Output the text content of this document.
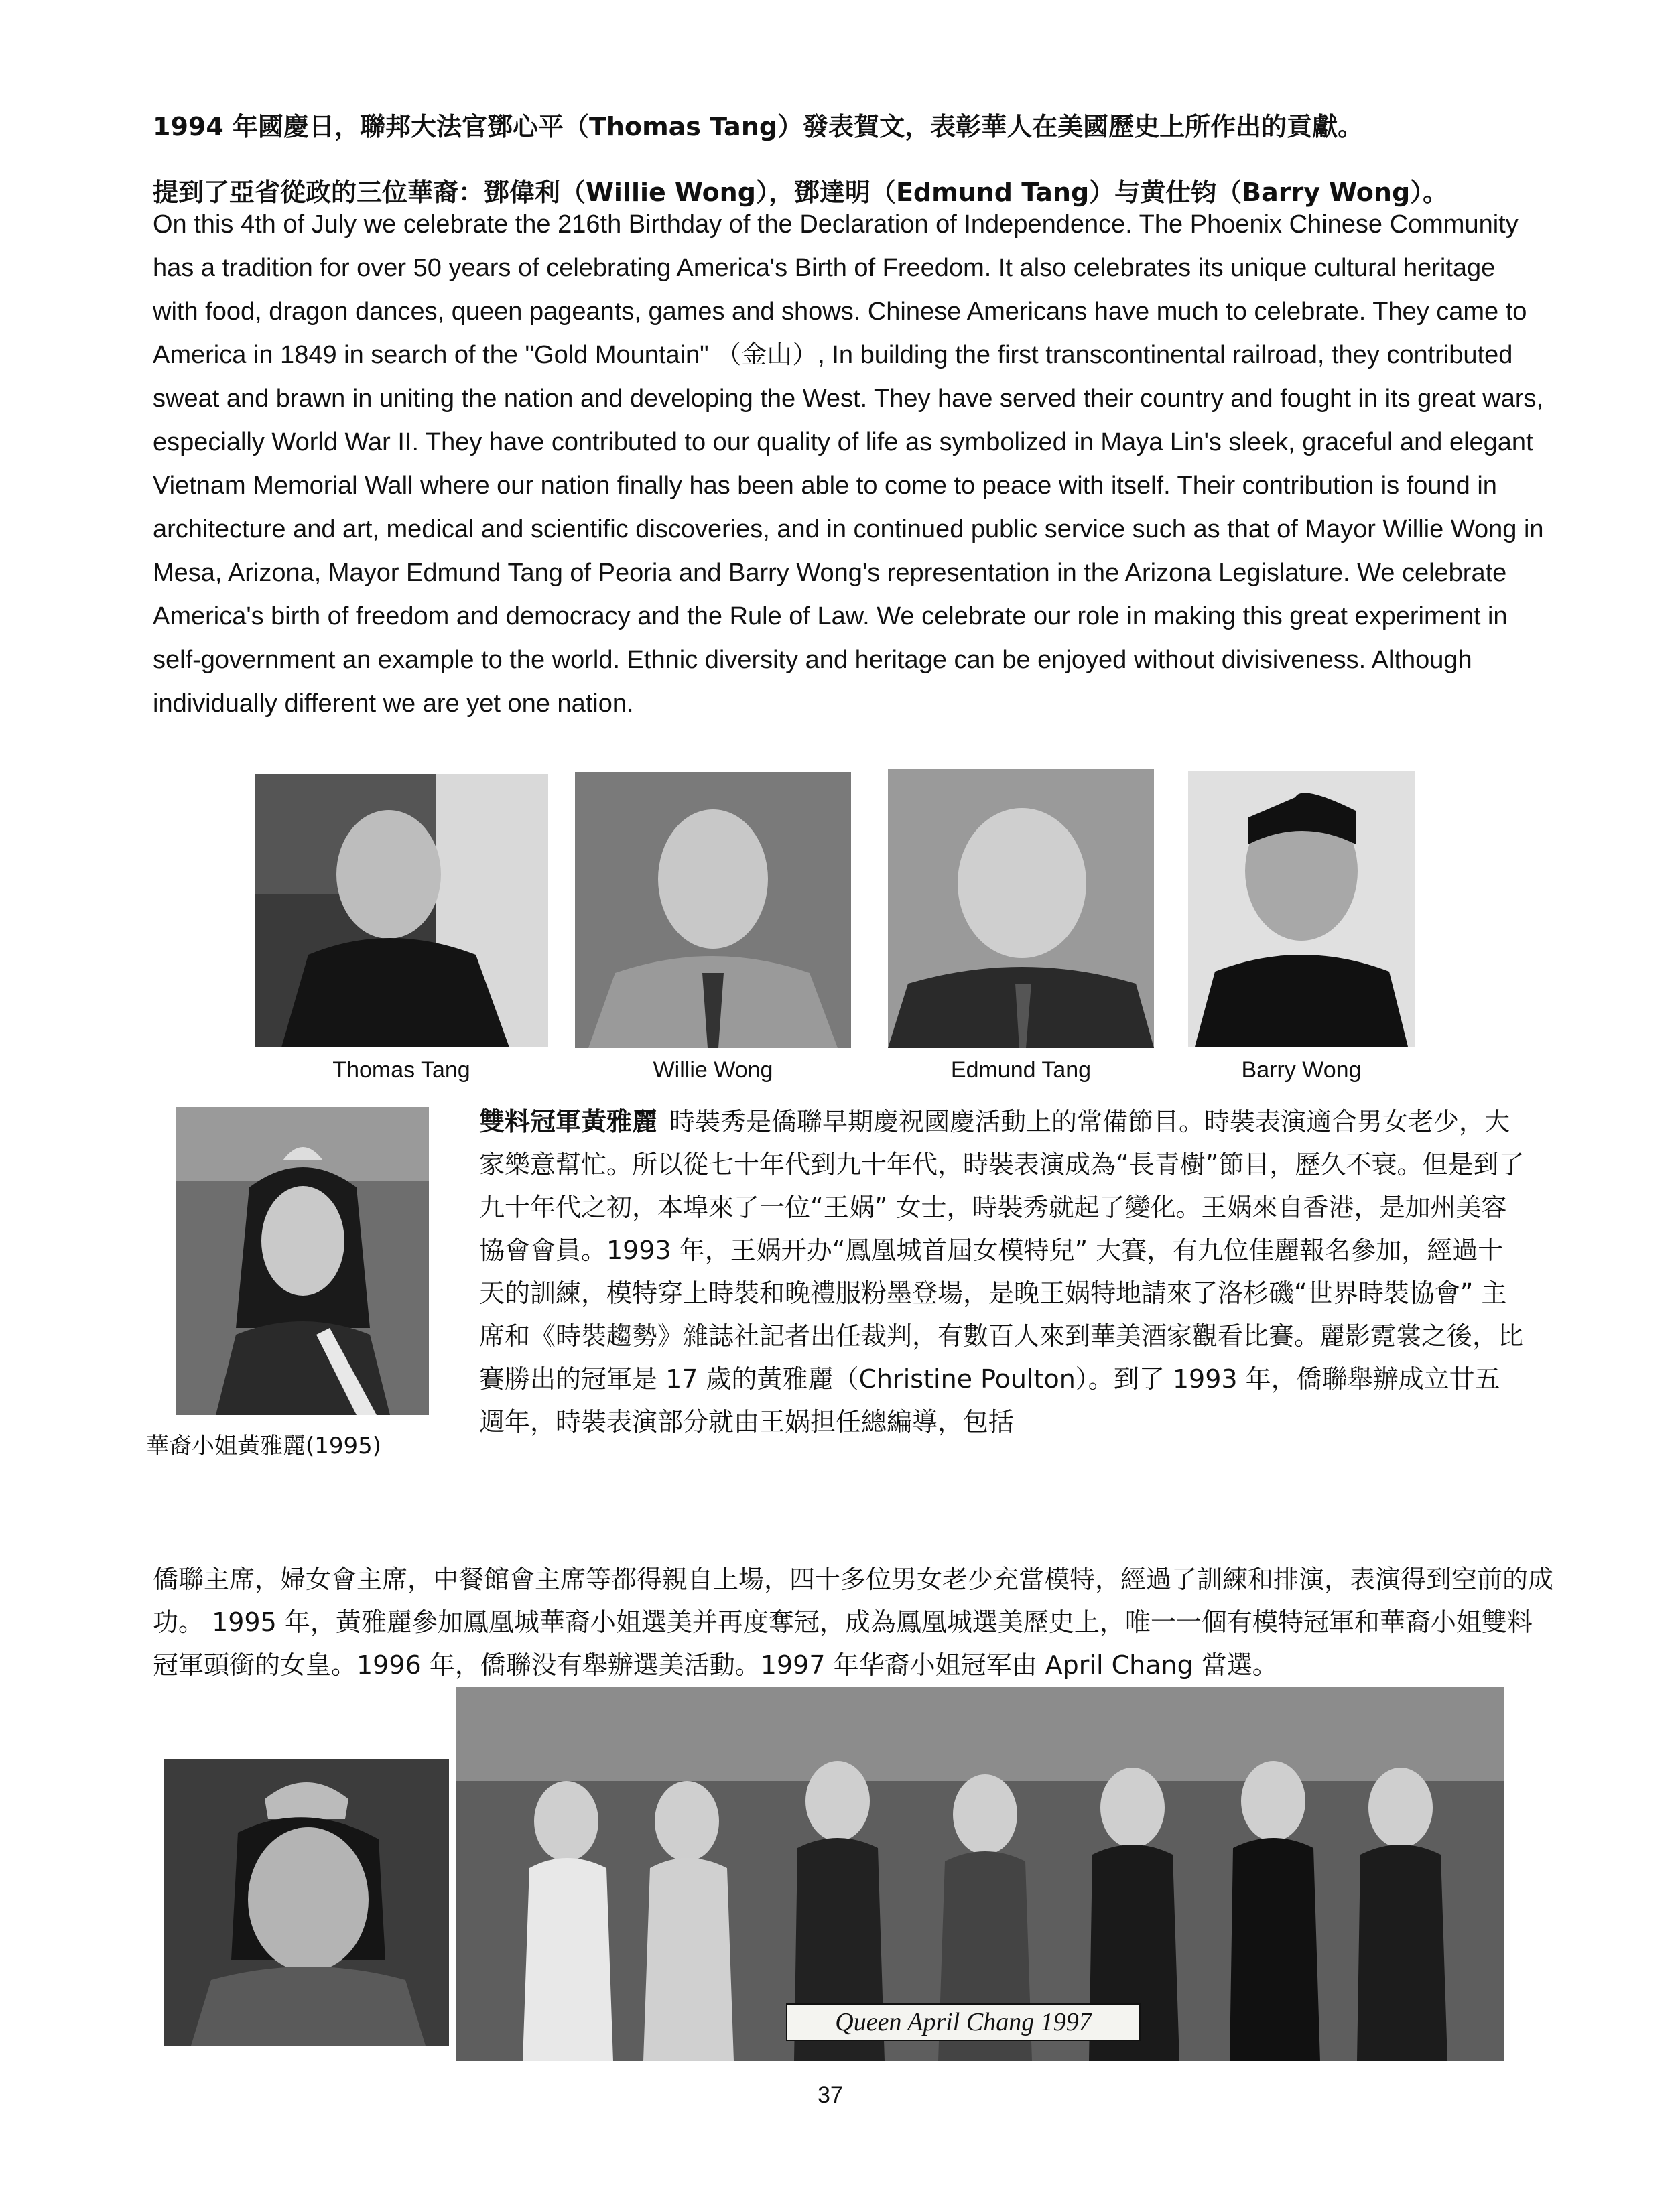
1994 年國慶日，聯邦大法官鄧心平（Thomas Tang）發表賀文，表彰華人在美國歷史上所作出的貢獻。
提到了亞省從政的三位華裔：鄧偉利（Willie Wong），鄧達明（Edmund Tang）与黄仕钧（Barry Wong）。
On this 4th of July we celebrate the 216th Birthday of the Declaration of Independence. The Phoenix Chinese Community has a tradition for over 50 years of celebrating America's Birth of Freedom. It also celebrates its unique cultural heritage with food, dragon dances, queen pageants, games and shows. Chinese Americans have much to celebrate. They came to America in 1849 in search of the "Gold Mountain" （金山）, In building the first transcontinental railroad, they contributed sweat and brawn in uniting the nation and developing the West. They have served their country and fought in its great wars, especially World War II. They have contributed to our quality of life as symbolized in Maya Lin's sleek, graceful and elegant Vietnam Memorial Wall where our nation finally has been able to come to peace with itself. Their contribution is found in architecture and art, medical and scientific discoveries, and in continued public service such as that of Mayor Willie Wong in Mesa, Arizona, Mayor Edmund Tang of Peoria and Barry Wong's representation in the Arizona Legislature. We celebrate America's birth of freedom and democracy and the Rule of Law. We celebrate our role in making this great experiment in self-government an example to the world. Ethnic diversity and heritage can be enjoyed without divisiveness. Although individually different we are yet one nation.
Thomas Tang	Willie Wong	Edmund Tang	Barry Wong
華裔小姐黃雅麗(1995)
雙料冠軍黃雅麗 時裝秀是僑聯早期慶祝國慶活動上的常備節目。時裝表演適合男女老少，大家樂意幫忙。所以從七十年代到九十年代，時裝表演成為“長青樹”節目，歷久不衰。但是到了九十年代之初，本埠來了一位“王娲” 女士，時裝秀就起了變化。王娲來自香港，是加州美容協會會員。1993 年，王娲开办“鳳凰城首屆女模特兒” 大賽，有九位佳麗報名參加，經過十天的訓練，模特穿上時裝和晚禮服粉墨登場，是晚王娲特地請來了洛杉磯“世界時裝協會” 主席和《時裝趨勢》雜誌社記者出任裁判，有數百人來到華美酒家觀看比賽。麗影霓裳之後，比賽勝出的冠軍是 17 歲的黃雅麗（Christine Poulton）。到了 1993 年，僑聯舉辦成立廿五週年，時裝表演部分就由王娲担任總編導，包括
僑聯主席，婦女會主席，中餐館會主席等都得親自上場，四十多位男女老少充當模特，經過了訓練和排演，表演得到空前的成功。 1995 年，黃雅麗參加鳳凰城華裔小姐選美并再度奪冠，成為鳳凰城選美歷史上，唯一一個有模特冠軍和華裔小姐雙料冠軍頭銜的女皇。1996 年，僑聯没有舉辦選美活動。1997 年华裔小姐冠军由 April Chang 當選。
Queen April Chang 1997
37
